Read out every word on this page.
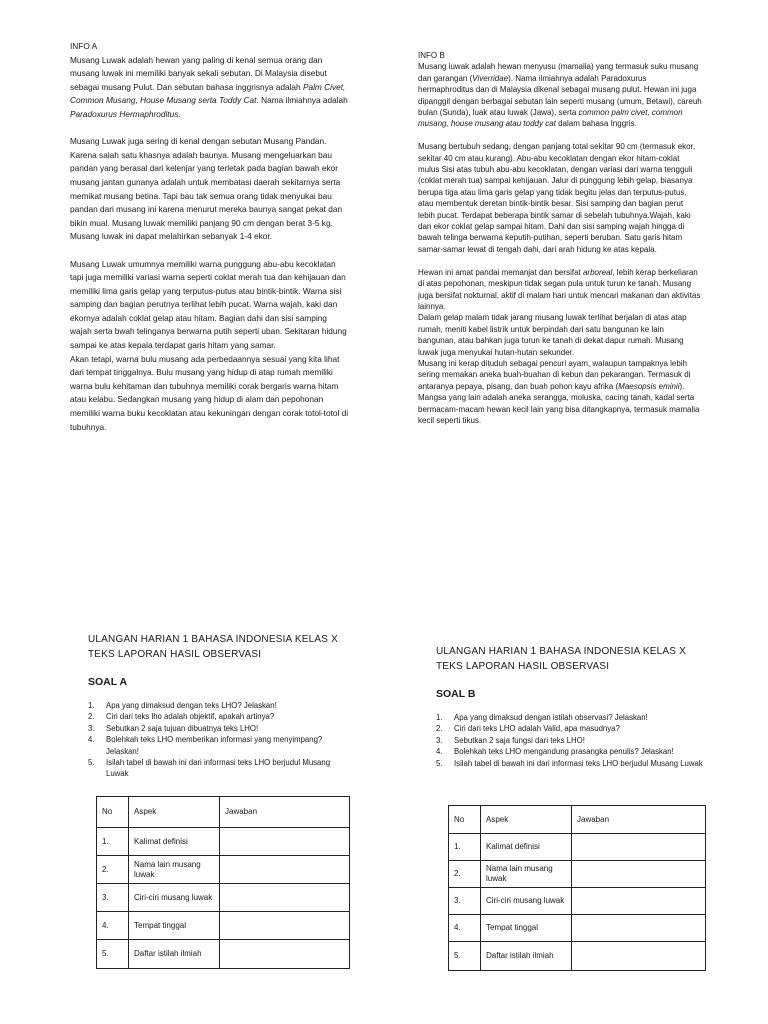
INFO A

Musang Luwak adalah hewan yang paling di kenal semua orang dan musang luwak ini memiliki banyak sekali sebutan. Di Malaysia disebut sebagai musang Pulut. Dan sebutan bahasa inggrisnya adalah Palm Civet, Common Musang, House Musang serta Toddy Cat. Nama ilmiahnya adalah Paradoxurus Hermaphroditus.

Musang Luwak juga sering di kenal dengan sebutan Musang Pandan. Karena salah satu khasnya adalah baunya. Musang mengeluarkan bau pandan yang berasal dari kelenjar yang terletak pada bagian bawah ekor musang jantan gunanya adalah untuk membatasi daerah sekitarnya serta memikat musang betina. Tapi bau tak semua orang tidak menyukai bau pandan dari musang ini karena menurut mereka baunya sangat pekat dan bikin mual. Musang luwak memiliki panjang 90 cm dengan berat 3-5 kg. Musang luwak ini dapat melahirkan sebanyak 1-4 ekor.

Musang Luwak umumnya memiliki warna punggung abu-abu kecoklatan tapi juga memiliki variasi warna seperti coklat merah tua dan kehijauan dan memiliki lima garis gelap yang terputus-putus atau bintik-bintik. Warna sisi samping dan bagian perutnya terlihat lebih pucat. Warna wajah, kaki dan ekornya adalah coklat gelap atau hitam. Bagian dahi dan sisi samping wajah serta bwah telinganya berwarna putih seperti uban. Sekitaran hidung sampai ke atas kepala terdapat garis hitam yang samar.

Akan tetapi, warna bulu musang ada perbedaannya sesuai yang kita lihat dari tempat tinggalnya. Bulu musang yang hidup di atap rumah memiliki warna bulu kehitaman dan tubuhnya memiliki corak bergaris warna hitam atau kelabu. Sedangkan musang yang hidup di alam dan pepohonan memiliki warna buku kecoklatan atau kekuningan dengan corak totol-totol di tubuhnya.

INFO B

Musang luwak adalah hewan menyusu (mamalia) yang termasuk suku musang dan garangan (Viverridae). Nama ilmiahnya adalah Paradoxurus hermaphroditus dan di Malaysia dikenal sebagai musang pulut. Hewan ini juga dipanggil dengan berbagai sebutan lain seperti musang (umum, Betawi), careuh bulan (Sunda), luak atau luwak (Jawa), serta common palm civet, common musang, house musang atau toddy cat dalam bahasa Inggris.

Musang bertubuh sedang, dengan panjang total sekitar 90 cm (termasuk ekor, sekitar 40 cm atau kurang). Abu-abu kecoklatan dengan ekor hitam-coklat mulus Sisi atas tubuh abu-abu kecoklatan, dengan variasi dari warna tengguli (coklat merah tua) sampai kehijauan. Jalur di punggung lebih gelap, biasanya berupa tiga atau lima garis gelap yang tidak begitu jelas dan terputus-putus, atau membentuk deretan bintik-bintik besar. Sisi samping dan bagian perut lebih pucat. Terdapat beberapa bintik samar di sebelah tubuhnya.Wajah, kaki dan ekor coklat gelap sampai hitam. Dahi dan sisi samping wajah hingga di bawah telinga berwarna keputih-putihan, seperti beruban. Satu garis hitam samar-samar lewat di tengah dahi, dari arah hidung ke atas kepala.

Hewan ini amat pandai memanjat dan bersifat arboreal, lebih kerap berkeliaran di atas pepohonan, meskipun tidak segan pula untuk turun ke tanah. Musang juga bersifat nokturnal, aktif di malam hari untuk mencari makanan dan aktivitas lainnya.

Dalam gelap malam tidak jarang musang luwak terlihat berjalan di atas atap rumah, meniti kabel listrik untuk berpindah dari satu bangunan ke lain bangunan, atau bahkan juga turun ke tanah di dekat dapur rumah. Musang luwak juga menyukai hutan-hutan sekunder.

Musang ini kerap dituduh sebagai pencuri ayam, walaupun tampaknya lebih sering memakan aneka buah-buahan di kebun dan pekarangan. Termasuk di antaranya pepaya, pisang, dan buah pohon kayu afrika (Maesopsis eminii). Mangsa yang lain adalah aneka serangga, moluska, cacing tanah, kadal serta bermacam-macam hewan kecil lain yang bisa ditangkapnya, termasuk mamalia kecil seperti tikus.

ULANGAN HARIAN 1 BAHASA INDONESIA KELAS X
TEKS LAPORAN HASIL OBSERVASI
SOAL A
1.	Apa yang dimaksud dengan teks LHO? Jelaskan!
2.	Ciri dari teks lho adalah objektif, apakah artinya?
3.	Sebutkan 2 saja tujuan dibuatnya teks LHO!
4.	Bolehkah teks LHO memberikan informasi yang menyimpang? Jelaskan!
5.	Isilah tabel di bawah ini dari informasi teks LHO berjudul Musang Luwak
No	Aspek	Jawaban
1.	Kalimat definisi	
2.	Nama lain musang luwak	
3.	Ciri-ciri musang luwak	
4.	Tempat tinggal	
5.	Daftar istilah ilmiah	
ULANGAN HARIAN 1 BAHASA INDONESIA KELAS X
TEKS LAPORAN HASIL OBSERVASI
SOAL B
1.	Apa yang dimaksud dengan istilah observasi? Jelaskan!
2.	Ciri dari teks LHO adalah Valid, apa masudnya?
3.	Sebutkan 2 saja fungsi dari teks LHO!
4.	Bolehkah teks LHO mengandung prasangka penulis? Jelaskan!
5.	Isilah tabel di bawah ini dari informasi teks LHO berjudul Musang Luwak
No	Aspek	Jawaban
1.	Kalimat definisi	
2.	Nama lain musang luwak	
3.	Ciri-ciri musang luwak	
4.	Tempat tinggal	
5.	Daftar istilah ilmiah	
